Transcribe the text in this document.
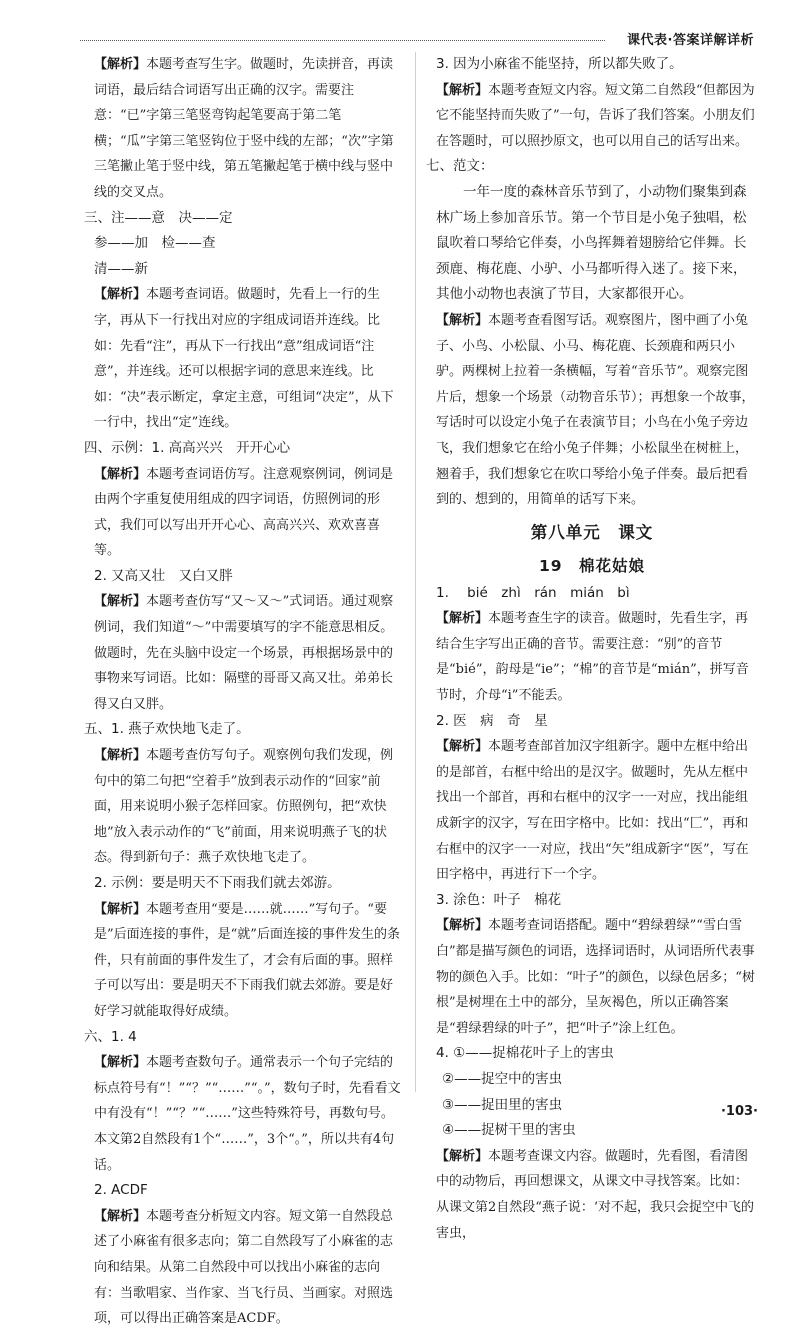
课代表·答案详解详析
【解析】本题考查写生字。做题时，先读拼音，再读词语，最后结合词语写出正确的汉字。需要注意：“已”字第三笔竖弯钩起笔要高于第二笔横；“瓜”字第三笔竖钩位于竖中线的左部；“次”字第三笔撇止笔于竖中线，第五笔撇起笔于横中线与竖中线的交叉点。
三、注——意　决——定
参——加　检——查
清——新
【解析】本题考查词语。做题时，先看上一行的生字，再从下一行找出对应的字组成词语并连线。比如：先看“注”，再从下一行找出“意”组成词语“注意”，并连线。还可以根据字词的意思来连线。比如：“决”表示断定，拿定主意，可组词“决定”，从下一行中，找出“定”连线。
四、示例：1. 高高兴兴　开开心心
【解析】本题考查词语仿写。注意观察例词，例词是由两个字重复使用组成的四字词语，仿照例词的形式，我们可以写出开开心心、高高兴兴、欢欢喜喜等。
2. 又高又壮　又白又胖
【解析】本题考查仿写“又～又～”式词语。通过观察例词，我们知道“～”中需要填写的字不能意思相反。做题时，先在头脑中设定一个场景，再根据场景中的事物来写词语。比如：隔壁的哥哥又高又壮。弟弟长得又白又胖。
五、1. 燕子欢快地飞走了。
【解析】本题考查仿写句子。观察例句我们发现，例句中的第二句把“空着手”放到表示动作的“回家”前面，用来说明小猴子怎样回家。仿照例句，把“欢快地”放入表示动作的“飞”前面，用来说明燕子飞的状态。得到新句子：燕子欢快地飞走了。
2. 示例：要是明天不下雨我们就去郊游。
【解析】本题考查用“要是……就……”写句子。“要是”后面连接的事件，是“就”后面连接的事件发生的条件，只有前面的事件发生了，才会有后面的事。照样子可以写出：要是明天不下雨我们就去郊游。要是好好学习就能取得好成绩。
六、1. 4
【解析】本题考查数句子。通常表示一个句子完结的标点符号有“！”“？”“……”“。”，数句子时，先看看文中有没有“！”“？”“……”这些特殊符号，再数句号。本文第2自然段有1个“……”，3个“。”，所以共有4句话。
2. ACDF
【解析】本题考查分析短文内容。短文第一自然段总述了小麻雀有很多志向；第二自然段写了小麻雀的志向和结果。从第二自然段中可以找出小麻雀的志向有：当歌唱家、当作家、当飞行员、当画家。对照选项，可以得出正确答案是ACDF。
3. 因为小麻雀不能坚持，所以都失败了。
【解析】本题考查短文内容。短文第二自然段“但都因为它不能坚持而失败了”一句，告诉了我们答案。小朋友们在答题时，可以照抄原文，也可以用自己的话写出来。
七、范文：
一年一度的森林音乐节到了，小动物们聚集到森林广场上参加音乐节。第一个节目是小兔子独唱，松鼠吹着口琴给它伴奏，小鸟挥舞着翅膀给它伴舞。长颈鹿、梅花鹿、小驴、小马都听得入迷了。接下来，其他小动物也表演了节目，大家都很开心。
【解析】本题考查看图写话。观察图片，图中画了小兔子、小鸟、小松鼠、小马、梅花鹿、长颈鹿和两只小驴。两棵树上拉着一条横幅，写着“音乐节”。观察完图片后，想象一个场景（动物音乐节）；再想象一个故事，写话时可以设定小兔子在表演节目；小鸟在小兔子旁边飞，我们想象它在给小兔子伴舞；小松鼠坐在树桩上，翘着手，我们想象它在吹口琴给小兔子伴奏。最后把看到的、想到的，用简单的话写下来。
第八单元　课文
19　棉花姑娘
1. bié　zhì　rán　mián　bì
【解析】本题考查生字的读音。做题时，先看生字，再结合生字写出正确的音节。需要注意：“别”的音节是“bié”，韵母是“ie”；“棉”的音节是“mián”，拼写音节时，介母“i”不能丢。
2. 医　病　奇　星
【解析】本题考查部首加汉字组新字。题中左框中给出的是部首，右框中给出的是汉字。做题时，先从左框中找出一个部首，再和右框中的汉字一一对应，找出能组成新字的汉字，写在田字格中。比如：找出“匚”，再和右框中的汉字一一对应，找出“矢”组成新字“医”，写在田字格中，再进行下一个字。
3. 涂色：叶子　棉花
【解析】本题考查词语搭配。题中“碧绿碧绿”“雪白雪白”都是描写颜色的词语，选择词语时，从词语所代表事物的颜色入手。比如：“叶子”的颜色，以绿色居多；“树根”是树埋在土中的部分，呈灰褐色，所以正确答案是“碧绿碧绿的叶子”，把“叶子”涂上红色。
4. ①——捉棉花叶子上的害虫
②——捉空中的害虫
③——捉田里的害虫
④——捉树干里的害虫
【解析】本题考查课文内容。做题时，先看图，看清图中的动物后，再回想课文，从课文中寻找答案。比如：从课文第2自然段“燕子说：‘对不起，我只会捉空中飞的害虫，
·103·
